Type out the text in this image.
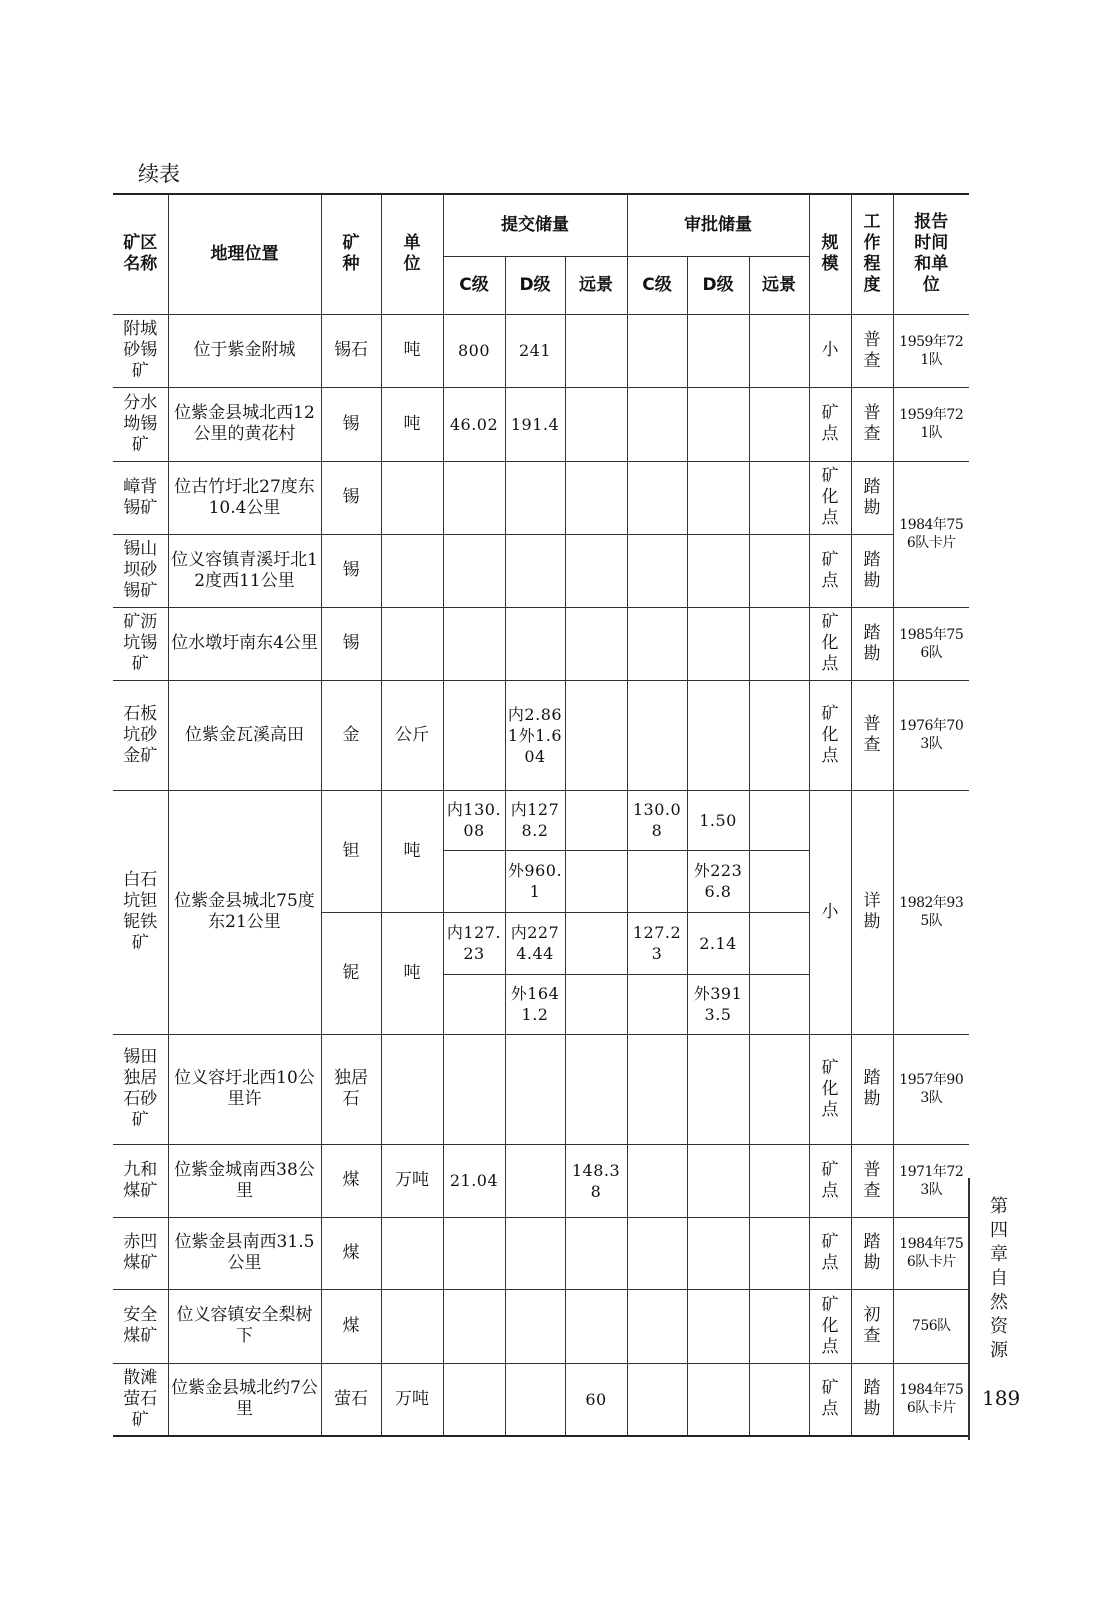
续表
矿区名称	地理位置	矿种	单位	提交储量			审批储量			规模	工作程度	报告时间和单位
				C级	D级	远景	C级	D级	远景			
附城砂锡矿	位于紫金附城	锡石	吨	800	241					小	普查	1959年721队
分水坳锡矿	位紫金县城北西12公里的黄花村	锡	吨	46.02	191.4					矿点	普查	1959年721队
嶂背锡矿	位古竹圩北27度东10.4公里	锡								矿化点	踏勘	1984年756队卡片
锡山坝砂锡矿	位义容镇青溪圩北12度西11公里	锡								矿点	踏勘	
矿沥坑锡矿	位水墩圩南东4公里	锡								矿化点	踏勘	1985年756队
石板坑砂金矿	位紫金瓦溪高田	金	公斤		内2.861外1.604					矿化点	普查	1976年703队
白石坑钽铌铁矿	位紫金县城北75度东21公里	钽	吨	内130.08	内1278.2		130.08	1.50		小	详勘	1982年935队
					外960.1			外2236.8				
		铌	吨	内127.23	内2274.44		127.23	2.14				
					外1641.2			外3913.5				
锡田独居石砂矿	位义容圩北西10公里许	独居石								矿化点	踏勘	1957年903队
九和煤矿	位紫金城南西38公里	煤	万吨	21.04		148.38				矿点	普查	1971年723队
赤凹煤矿	位紫金县南西31.5公里	煤								矿点	踏勘	1984年756队卡片
安全煤矿	位义容镇安全梨树下	煤								矿化点	初查	756队
散滩萤石矿	位紫金县城北约7公里	萤石	万吨			60				矿点	踏勘	1984年756队卡片
第四章 自然资源
189
